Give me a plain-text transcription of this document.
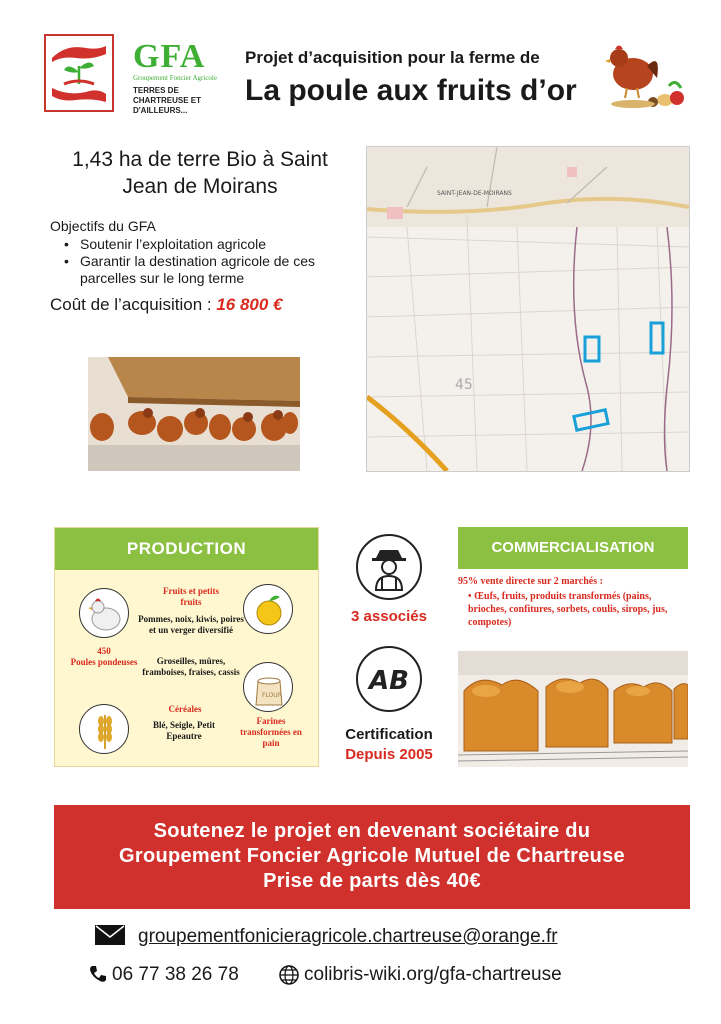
GFA
Groupement Foncier Agricole
TERRES DE CHARTREUSE ET D'AILLEURS...
Projet d’acquisition pour la ferme de
La poule aux fruits d’or
1,43 ha de terre Bio à Saint Jean de Moirans
Objectifs du GFA
• Soutenir l’exploitation agricole
• Garantir la destination agricole de ces parcelles sur le long terme
Coût de l’acquisition : 16 800 €
SAINT-JEAN-DE-MOIRANS
45
PRODUCTION
450
Poules pondeuses
Fruits et petits fruits
Pommes, noix, kiwis, poires et un verger diversifié
Groseilles, mûres, framboises, fraises, cassis
Céréales
Blé, Seigle, Petit Epeautre
FLOUR
Farines transformées en pain
3 associés
AB
Certification
Depuis 2005
COMMERCIALISATION
95% vente directe sur 2 marchés :
• Œufs, fruits, produits transformés (pains, brioches, confitures, sorbets, coulis, sirops, jus, compotes)
Soutenez le projet en devenant sociétaire du
Groupement Foncier Agricole Mutuel de Chartreuse
Prise de parts dès 40€
groupementfonicieragricole.chartreuse@orange.fr
06 77 38 26 78	colibris-wiki.org/gfa-chartreuse
